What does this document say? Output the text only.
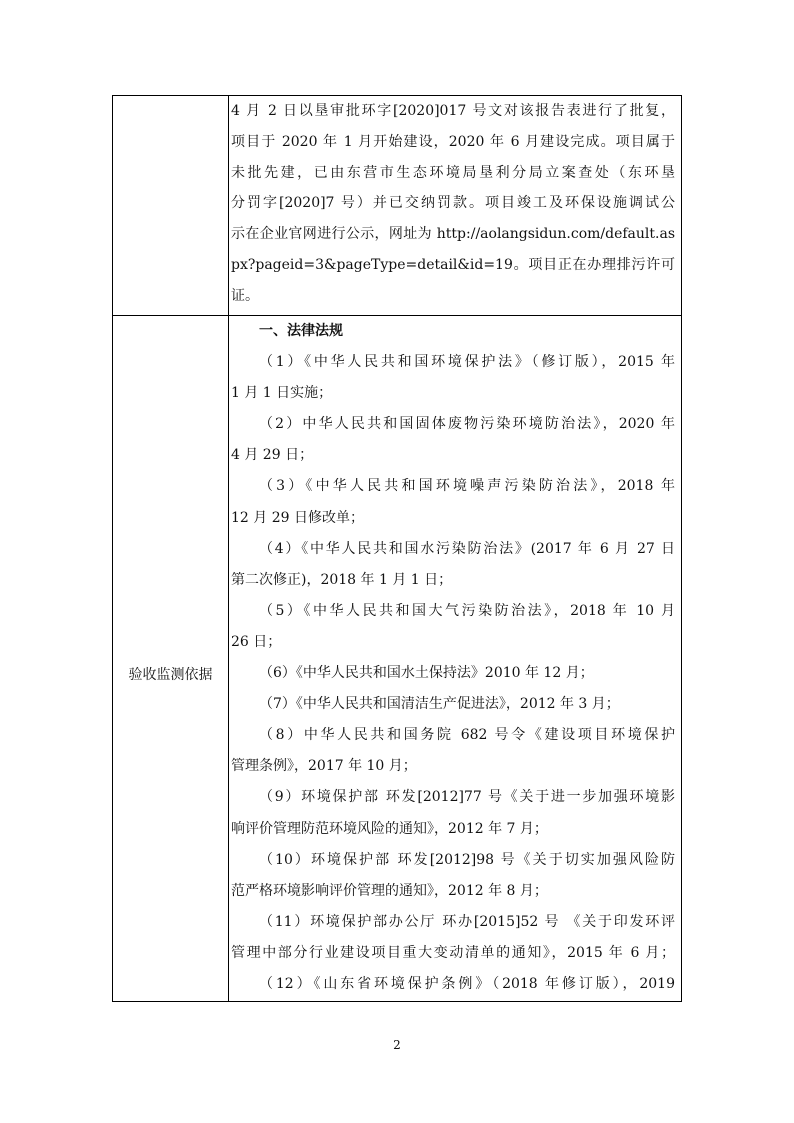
4 月 2 日以垦审批环字[2020]017 号文对该报告表进行了批复，
项目于 2020 年 1 月开始建设，2020 年 6 月建设完成。项目属于
未批先建，已由东营市生态环境局垦利分局立案查处（东环垦
分罚字[2020]7 号）并已交纳罚款。项目竣工及环保设施调试公
示在企业官网进行公示，网址为 http://aolangsidun.com/default.as
px?pageid=3&pageType=detail&id=19。项目正在办理排污许可
证。
验收监测依据
一、法律法规
（1）《中华人民共和国环境保护法》（修订版），2015 年
1 月 1 日实施；
（2）中华人民共和国固体废物污染环境防治法》，2020 年
4 月 29 日；
（3）《中华人民共和国环境噪声污染防治法》，2018 年
12 月 29 日修改单；
（4）《中华人民共和国水污染防治法》(2017 年 6 月 27 日
第二次修正)，2018 年 1 月 1 日；
（5）《中华人民共和国大气污染防治法》，2018 年 10 月
26 日；
（6）《中华人民共和国水土保持法》2010 年 12 月；
（7）《中华人民共和国清洁生产促进法》，2012 年 3 月；
（8）中华人民共和国务院 682 号令《建设项目环境保护
管理条例》，2017 年 10 月；
（9）环境保护部 环发[2012]77 号《关于进一步加强环境影
响评价管理防范环境风险的通知》，2012 年 7 月；
（10）环境保护部 环发[2012]98 号《关于切实加强风险防
范严格环境影响评价管理的通知》，2012 年 8 月；
（11）环境保护部办公厅 环办[2015]52 号 《关于印发环评
管理中部分行业建设项目重大变动清单的通知》，2015 年 6 月；
（12）《山东省环境保护条例》（2018 年修订版），2019
2
